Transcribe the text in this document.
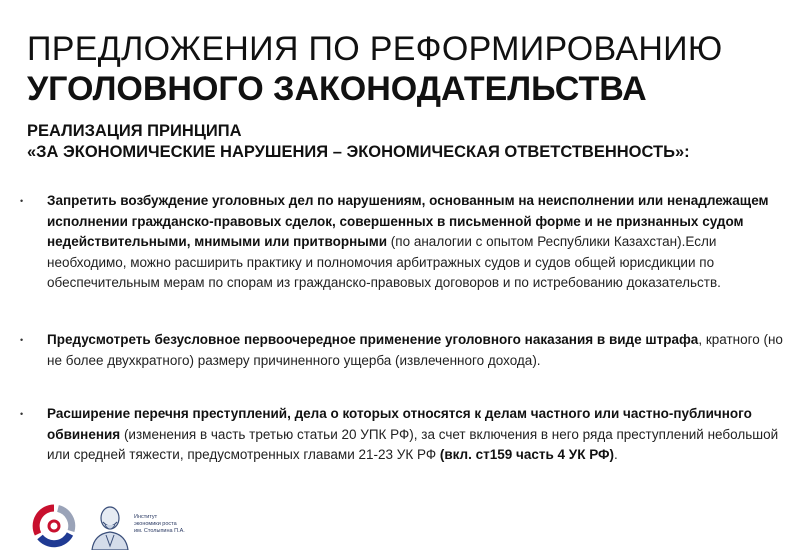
ПРЕДЛОЖЕНИЯ ПО РЕФОРМИРОВАНИЮ
УГОЛОВНОГО ЗАКОНОДАТЕЛЬСТВА
РЕАЛИЗАЦИЯ ПРИНЦИПА
«ЗА ЭКОНОМИЧЕСКИЕ НАРУШЕНИЯ – ЭКОНОМИЧЕСКАЯ ОТВЕТСТВЕННОСТЬ»:
• Запретить возбуждение уголовных дел по нарушениям, основанным на неисполнении или ненадлежащем исполнении гражданско-правовых сделок, совершенных в письменной форме и не признанных судом недействительными, мнимыми или притворными (по аналогии с опытом Республики Казахстан).Если необходимо, можно расширить практику и полномочия арбитражных судов и судов общей юрисдикции по обеспечительным мерам по спорам из гражданско-правовых договоров и по истребованию доказательств.
• Предусмотреть безусловное первоочередное применение уголовного наказания в виде штрафа, кратного (но не более двухкратного) размеру причиненного ущерба (извлеченного дохода).
• Расширение перечня преступлений, дела о которых относятся к делам частного или частно-публичного обвинения (изменения в часть третью статьи 20 УПК РФ), за счет включения в него ряда преступлений небольшой или средней тяжести, предусмотренных главами 21-23 УК РФ (вкл. ст159 часть 4 УК РФ).
Институт
экономики роста
им. Столыпина П.А.
